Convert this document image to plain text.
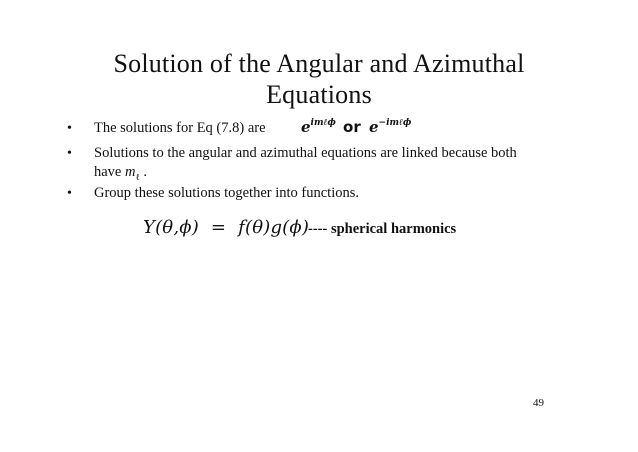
Solution of the Angular and Azimuthal
Equations
• The solutions for Eq (7.8) are $e^{im\ell\phi}$ or $e^{-im\ell\phi}$
• Solutions to the angular and azimuthal equations are linked because both
have $m_\ell$ .
• Group these solutions together into functions.
Y(θ,ϕ) = f(θ)g(ϕ)
---- spherical harmonics
49
